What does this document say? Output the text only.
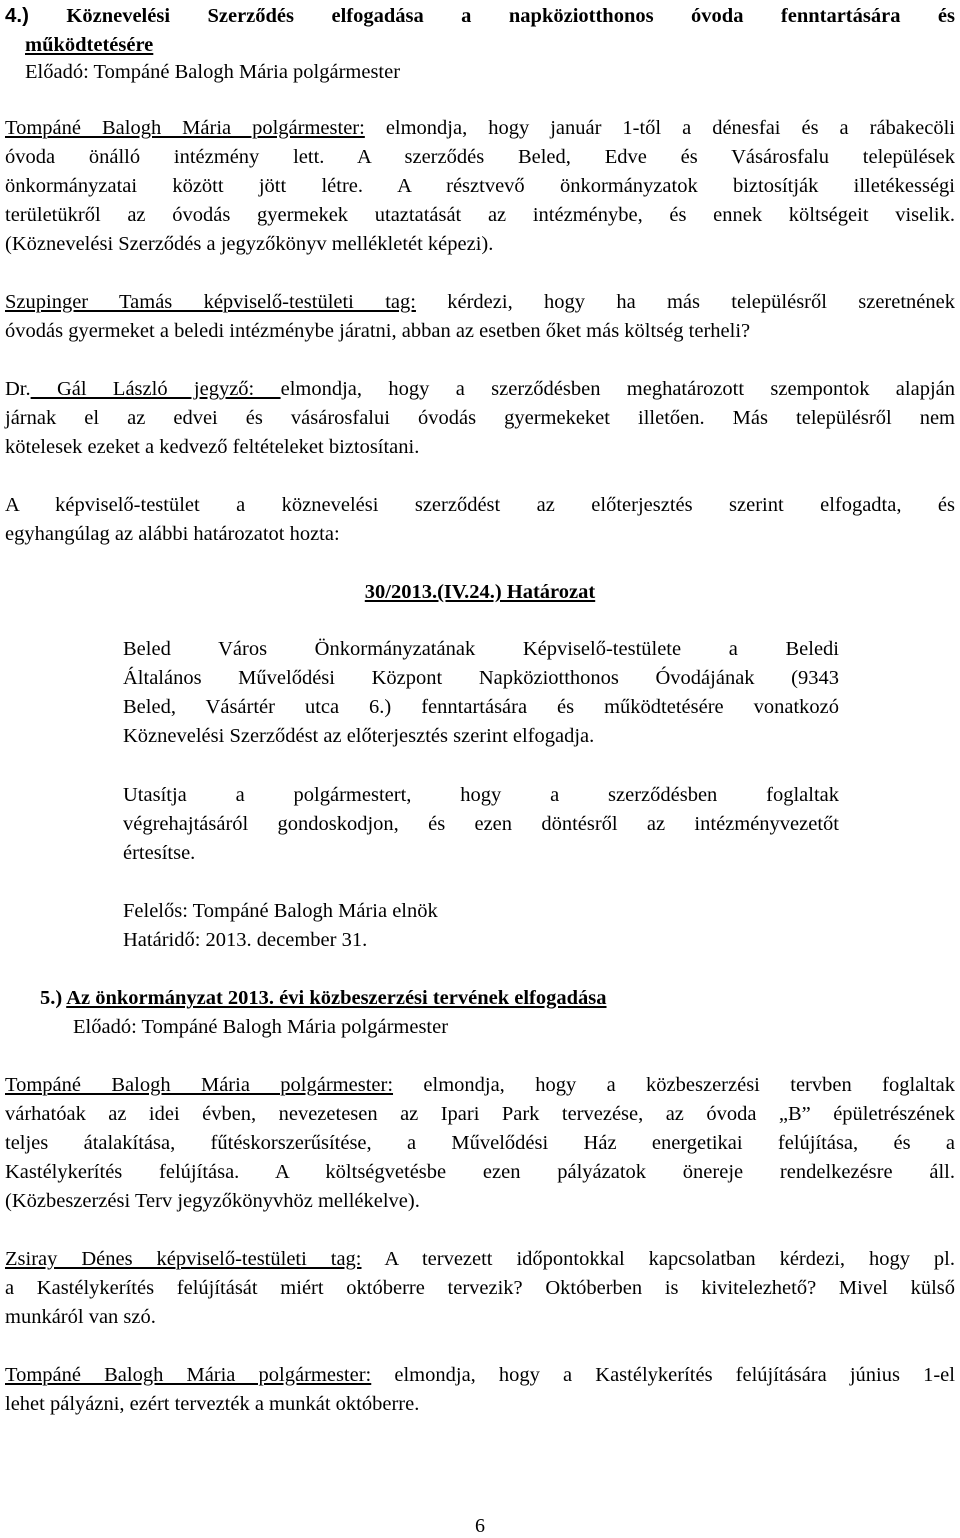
4.) Köznevelési Szerződés elfogadása a napköziotthonos óvoda fenntartására és
működtetésére
Előadó: Tompáné Balogh Mária polgármester
Tompáné Balogh Mária polgármester: elmondja, hogy január 1-től a dénesfai és a rábakecöli
óvoda önálló intézmény lett. A szerződés Beled, Edve és Vásárosfalu települések
önkormányzatai között jött létre. A résztvevő önkormányzatok biztosítják illetékességi
területükről az óvodás gyermekek utaztatását az intézménybe, és ennek költségeit viselik.
(Köznevelési Szerződés a jegyzőkönyv mellékletét képezi).
Szupinger Tamás képviselő-testületi tag: kérdezi, hogy ha más településről szeretnének
óvodás gyermeket a beledi intézménybe járatni, abban az esetben őket más költség terheli?
Dr. Gál László jegyző: elmondja, hogy a szerződésben meghatározott szempontok alapján
járnak el az edvei és vásárosfalui óvodás gyermekeket illetően. Más településről nem
kötelesek ezeket a kedvező feltételeket biztosítani.
A képviselő-testület a köznevelési szerződést az előterjesztés szerint elfogadta, és
egyhangúlag az alábbi határozatot hozta:
30/2013.(IV.24.) Határozat
Beled Város Önkormányzatának Képviselő-testülete a Beledi
Általános Művelődési Központ Napköziotthonos Óvodájának (9343
Beled, Vásártér utca 6.) fenntartására és működtetésére vonatkozó
Köznevelési Szerződést az előterjesztés szerint elfogadja.
Utasítja a polgármestert, hogy a szerződésben foglaltak
végrehajtásáról gondoskodjon, és ezen döntésről az intézményvezetőt
értesítse.
Felelős: Tompáné Balogh Mária elnök
Határidő: 2013. december 31.
5.) Az önkormányzat 2013. évi közbeszerzési tervének elfogadása
Előadó: Tompáné Balogh Mária polgármester
Tompáné Balogh Mária polgármester: elmondja, hogy a közbeszerzési tervben foglaltak
várhatóak az idei évben, nevezetesen az Ipari Park tervezése, az óvoda „B” épületrészének
teljes átalakítása, fűtéskorszerűsítése, a Művelődési Ház energetikai felújítása, és a
Kastélykerítés felújítása. A költségvetésbe ezen pályázatok önereje rendelkezésre áll.
(Közbeszerzési Terv jegyzőkönyvhöz mellékelve).
Zsiray Dénes képviselő-testületi tag: A tervezett időpontokkal kapcsolatban kérdezi, hogy pl.
a Kastélykerítés felújítását miért októberre tervezik? Októberben is kivitelezhető? Mivel külső
munkáról van szó.
Tompáné Balogh Mária polgármester: elmondja, hogy a Kastélykerítés felújítására június 1-el
lehet pályázni, ezért tervezték a munkát októberre.
6
